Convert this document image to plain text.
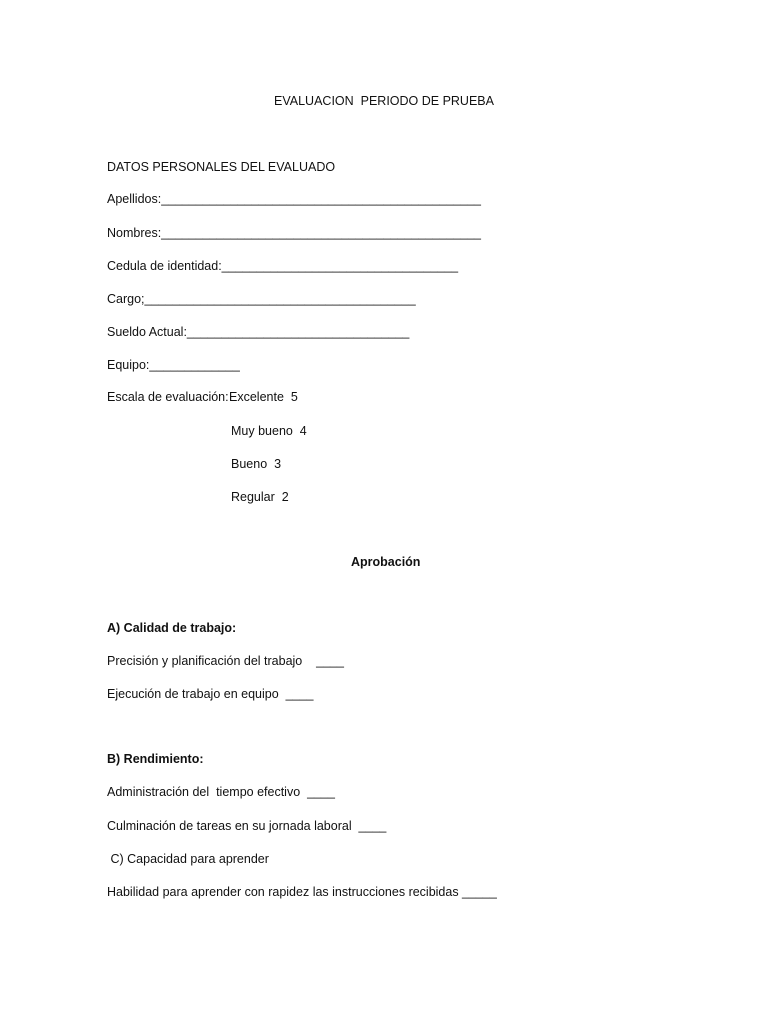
EVALUACION  PERIODO DE PRUEBA
DATOS PERSONALES DEL EVALUADO
Apellidos:______________________________________________
Nombres:______________________________________________
Cedula de identidad:__________________________________
Cargo;_______________________________________
Sueldo Actual:________________________________
Equipo:_____________
Escala de evaluación: Excelente  5
Muy bueno  4
Bueno  3
Regular  2
Aprobación
A) Calidad de trabajo:
Precisión y planificación del trabajo    ____
Ejecución de trabajo en equipo  ____
B) Rendimiento:
Administración del  tiempo efectivo  ____
Culminación de tareas en su jornada laboral  ____
C) Capacidad para aprender
Habilidad para aprender con rapidez las instrucciones recibidas _____
